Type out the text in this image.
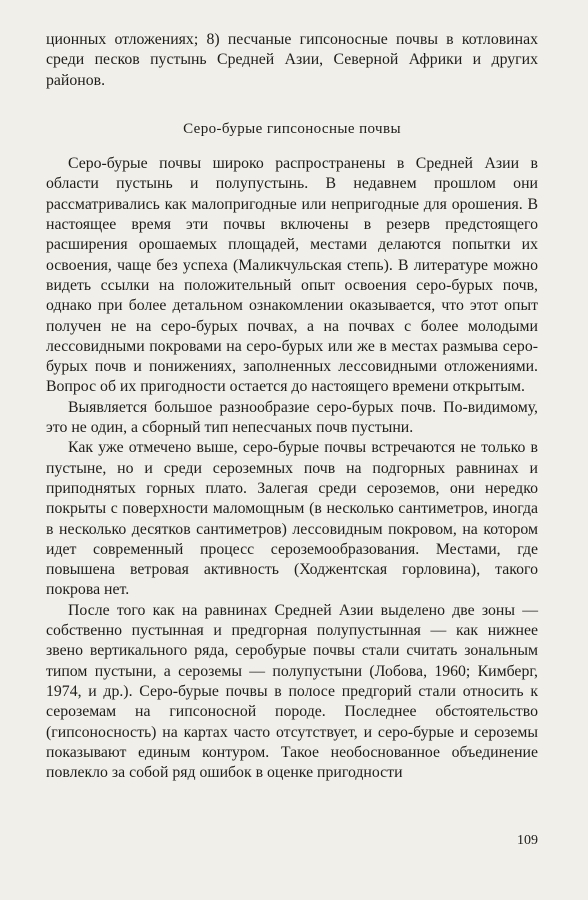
ционных отложениях; 8) песчаные гипсоносные почвы в котловинах среди песков пустынь Средней Азии, Северной Африки и других районов.

Серо-бурые гипсоносные почвы

Серо-бурые почвы широко распространены в Средней Азии в области пустынь и полупустынь. В недавнем прошлом они рассматривались как малопригодные или непригодные для орошения. В настоящее время эти почвы включены в резерв предстоящего расширения орошаемых площадей, местами делаются попытки их освоения, чаще без успеха (Маликчульская степь). В литературе можно видеть ссылки на положительный опыт освоения серо-бурых почв, однако при более детальном ознакомлении оказывается, что этот опыт получен не на серо-бурых почвах, а на почвах с более молодыми лессовидными покровами на серо-бурых или же в местах размыва серо-бурых почв и понижениях, заполненных лессовидными отложениями. Вопрос об их пригодности остается до настоящего времени открытым.

Выявляется большое разнообразие серо-бурых почв. По-видимому, это не один, а сборный тип непесчаных почв пустыни.

Как уже отмечено выше, серо-бурые почвы встречаются не только в пустыне, но и среди сероземных почв на подгорных равнинах и приподнятых горных плато. Залегая среди сероземов, они нередко покрыты с поверхности маломощным (в несколько сантиметров, иногда в несколько десятков сантиметров) лессовидным покровом, на котором идет современный процесс сероземообразования. Местами, где повышена ветровая активность (Ходжентская горловина), такого покрова нет.

После того как на равнинах Средней Азии выделено две зоны — собственно пустынная и предгорная полупустынная — как нижнее звено вертикального ряда, серобурые почвы стали считать зональным типом пустыни, а сероземы — полупустыни (Лобова, 1960; Кимберг, 1974, и др.). Серо-бурые почвы в полосе предгорий стали относить к сероземам на гипсоносной породе. Последнее обстоятельство (гипсоносность) на картах часто отсутствует, и серо-бурые и сероземы показывают единым контуром. Такое необоснованное объединение повлекло за собой ряд ошибок в оценке пригодности

109
